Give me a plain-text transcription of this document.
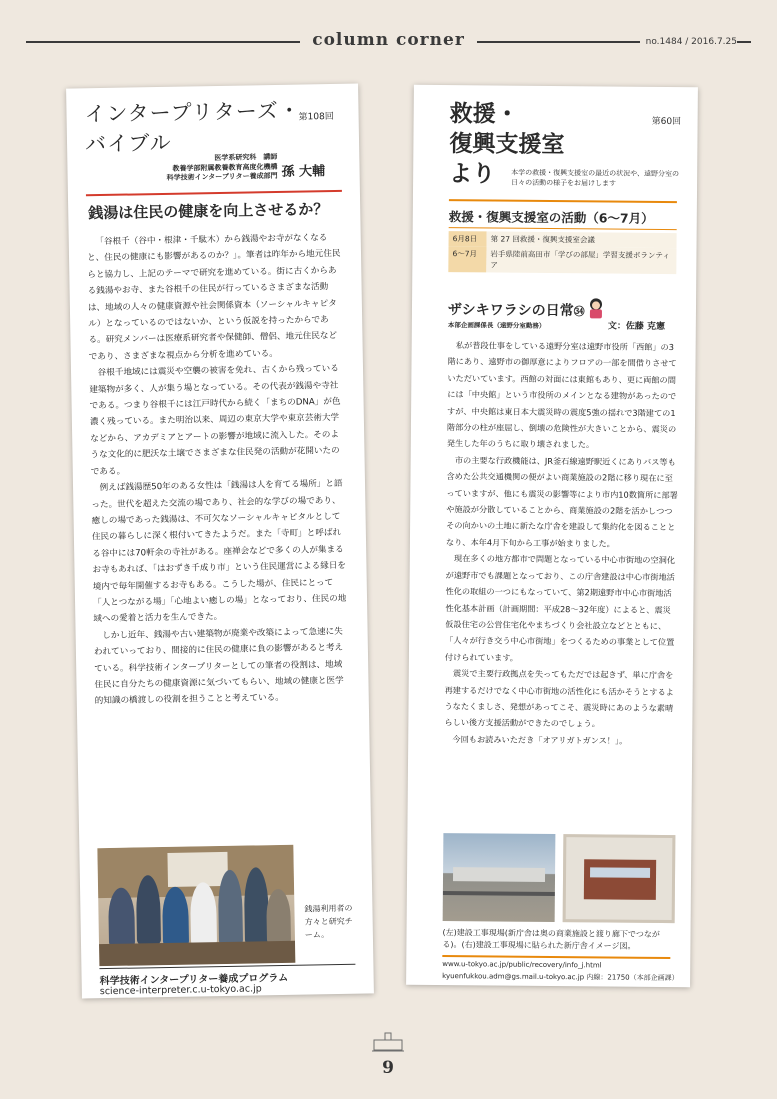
column corner	no.1484 / 2016.7.25
インタープリターズ・
バイブル
第108回
医学系研究科　講師
教養学部附属教養教育高度化機構
科学技術インタープリター養成部門 孫 大輔
銭湯は住民の健康を向上させるか？

「谷根千（谷中・根津・千駄木）から銭湯やお寺がなくなると、住民の健康にも影響があるのか？」。筆者は昨年から地元住民らと協力し、上記のテーマで研究を進めている。街に古くからある銭湯やお寺、また谷根千の住民が行っているさまざまな活動は、地域の人々の健康資源や社会関係資本（ソーシャルキャピタル）となっているのではないか、という仮説を持ったからである。研究メンバーは医療系研究者や保健師、僧侶、地元住民などであり、さまざまな視点から分析を進めている。

谷根千地域には震災や空襲の被害を免れ、古くから残っている建築物が多く、人が集う場となっている。その代表が銭湯や寺社である。つまり谷根千には江戸時代から続く「まちのDNA」が色濃く残っている。また明治以来、周辺の東京大学や東京芸術大学などから、アカデミアとアートの影響が地域に流入した。そのような文化的に肥沃な土壌でさまざまな住民発の活動が花開いたのである。

例えば銭湯歴50年のある女性は「銭湯は人を育てる場所」と語った。世代を超えた交流の場であり、社会的な学びの場であり、癒しの場であった銭湯は、不可欠なソーシャルキャピタルとして住民の暮らしに深く根付いてきたようだ。また「寺町」と呼ばれる谷中には70軒余の寺社がある。座禅会などで多くの人が集まるお寺もあれば、「はおずき千成り市」という住民運営による縁日を境内で毎年開催するお寺もある。こうした場が、住民にとって「人とつながる場」「心地よい癒しの場」となっており、住民の地域への愛着と活力を生んできた。

しかし近年、銭湯や古い建築物が廃業や改築によって急速に失われていっており、間接的に住民の健康に負の影響があると考えている。科学技術インタープリターとしての筆者の役割は、地域住民に自分たちの健康資源に気づいてもらい、地域の健康と医学的知識の橋渡しの役割を担うことと考えている。

銭湯利用者の方々と研究チーム。
科学技術インタープリター養成プログラム
science-interpreter.c.u-tokyo.ac.jp
救援・
復興支援室
より
第60回
本学の救援・復興支援室の最近の状況や、遠野分室の日々の活動の様子をお届けします
救援・復興支援室の活動（6〜7月）
6月8日	第 27 回救援・復興支援室会議
6〜7月	岩手県陸前高田市「学びの部屋」学習支援ボランティア
ザシキワラシの日常㉞
本部企画課係長（遠野分室勤務）	文：佐藤 克憲

私が普段仕事をしている遠野分室は遠野市役所「西館」の3階にあり、遠野市の御厚意によりフロアの一部を間借りさせていただいています。西館の対面には東館もあり、更に両館の間には「中央館」という市役所のメインとなる建物があったのですが、中央館は東日本大震災時の震度5強の揺れで3階建ての1階部分の柱が座屈し、倒壊の危険性が大きいことから、震災の発生した年のうちに取り壊されました。

市の主要な行政機能は、JR釜石線遠野駅近くにありバス等も含めた公共交通機関の便がよい商業施設の2階に移り現在に至っていますが、他にも震災の影響等により市内10数箇所に部署や施設が分散していることから、商業施設の2階を活かしつつその向かいの土地に新たな庁舎を建設して集約化を図ることとなり、本年4月下旬から工事が始まりました。

現在多くの地方都市で問題となっている中心市街地の空洞化が遠野市でも課題となっており、この庁舎建設は中心市街地活性化の取組の一つにもなっていて、第2期遠野市中心市街地活性化基本計画（計画期間：平成28〜32年度）によると、震災仮設住宅の公営住宅化やまちづくり会社設立などとともに、「人々が行き交う中心市街地」をつくるための事業として位置付けられています。

震災で主要行政拠点を失ってもただでは起きず、単に庁舎を再建するだけでなく中心市街地の活性化にも活かそうとするようなたくましさ、発想があってこそ、震災時にあのような素晴らしい後方支援活動ができたのでしょう。

今回もお読みいただき「オアリガトガンス！」。

(左)建設工事現場(新庁舎は奥の商業施設と渡り廊下でつながる)。(右)建設工事現場に貼られた新庁舎イメージ図。
www.u-tokyo.ac.jp/public/recovery/info_j.html
kyuenfukkou.adm@gs.mail.u-tokyo.ac.jp 内線：21750（本部企画課）
9
